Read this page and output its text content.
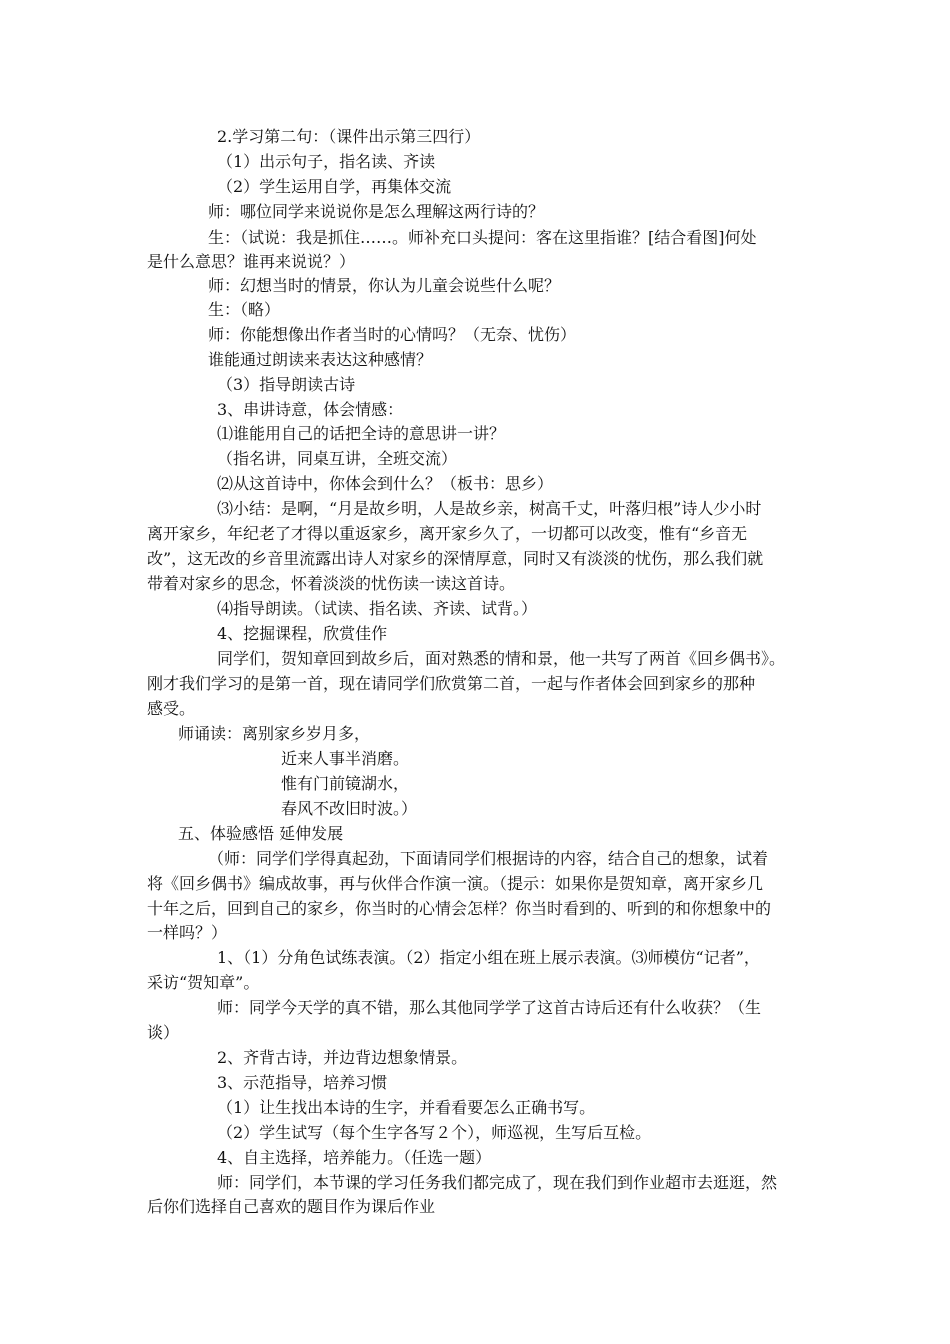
2.学习第二句：（课件出示第三四行）
（1）出示句子，指名读、齐读
（2）学生运用自学，再集体交流
师：哪位同学来说说你是怎么理解这两行诗的？
生：（试说：我是抓住……。师补充口头提问：客在这里指谁？[结合看图]何处
是什么意思？谁再来说说？）
师：幻想当时的情景，你认为儿童会说些什么呢？
生：（略）
师：你能想像出作者当时的心情吗？（无奈、忧伤）
谁能通过朗读来表达这种感情？
（3）指导朗读古诗
3、串讲诗意，体会情感：
⑴谁能用自己的话把全诗的意思讲一讲？
（指名讲，同桌互讲，全班交流）
⑵从这首诗中，你体会到什么？（板书：思乡）
⑶小结：是啊，“月是故乡明，人是故乡亲，树高千丈，叶落归根”诗人少小时
离开家乡，年纪老了才得以重返家乡，离开家乡久了，一切都可以改变，惟有“乡音无
改”，这无改的乡音里流露出诗人对家乡的深情厚意，同时又有淡淡的忧伤，那么我们就
带着对家乡的思念，怀着淡淡的忧伤读一读这首诗。
⑷指导朗读。（试读、指名读、齐读、试背。）
4、挖掘课程，欣赏佳作
同学们，贺知章回到故乡后，面对熟悉的情和景，他一共写了两首《回乡偶书》。
刚才我们学习的是第一首，现在请同学们欣赏第二首，一起与作者体会回到家乡的那种
感受。
师诵读：离别家乡岁月多，
近来人事半消磨。
惟有门前镜湖水，
春风不改旧时波。）
五、体验感悟 延伸发展
（师：同学们学得真起劲，下面请同学们根据诗的内容，结合自己的想象，试着
将《回乡偶书》编成故事，再与伙伴合作演一演。（提示：如果你是贺知章，离开家乡几
十年之后，回到自己的家乡，你当时的心情会怎样？你当时看到的、听到的和你想象中的
一样吗？）
1、（1）分角色试练表演。（2）指定小组在班上展示表演。⑶师模仿“记者”，
采访“贺知章”。
师：同学今天学的真不错，那么其他同学学了这首古诗后还有什么收获？（生
谈）
2、齐背古诗，并边背边想象情景。
3、示范指导，培养习惯
（1）让生找出本诗的生字，并看看要怎么正确书写。
（2）学生试写（每个生字各写２个），师巡视，生写后互检。
4、自主选择，培养能力。（任选一题）
师：同学们，本节课的学习任务我们都完成了，现在我们到作业超市去逛逛，然
后你们选择自己喜欢的题目作为课后作业
